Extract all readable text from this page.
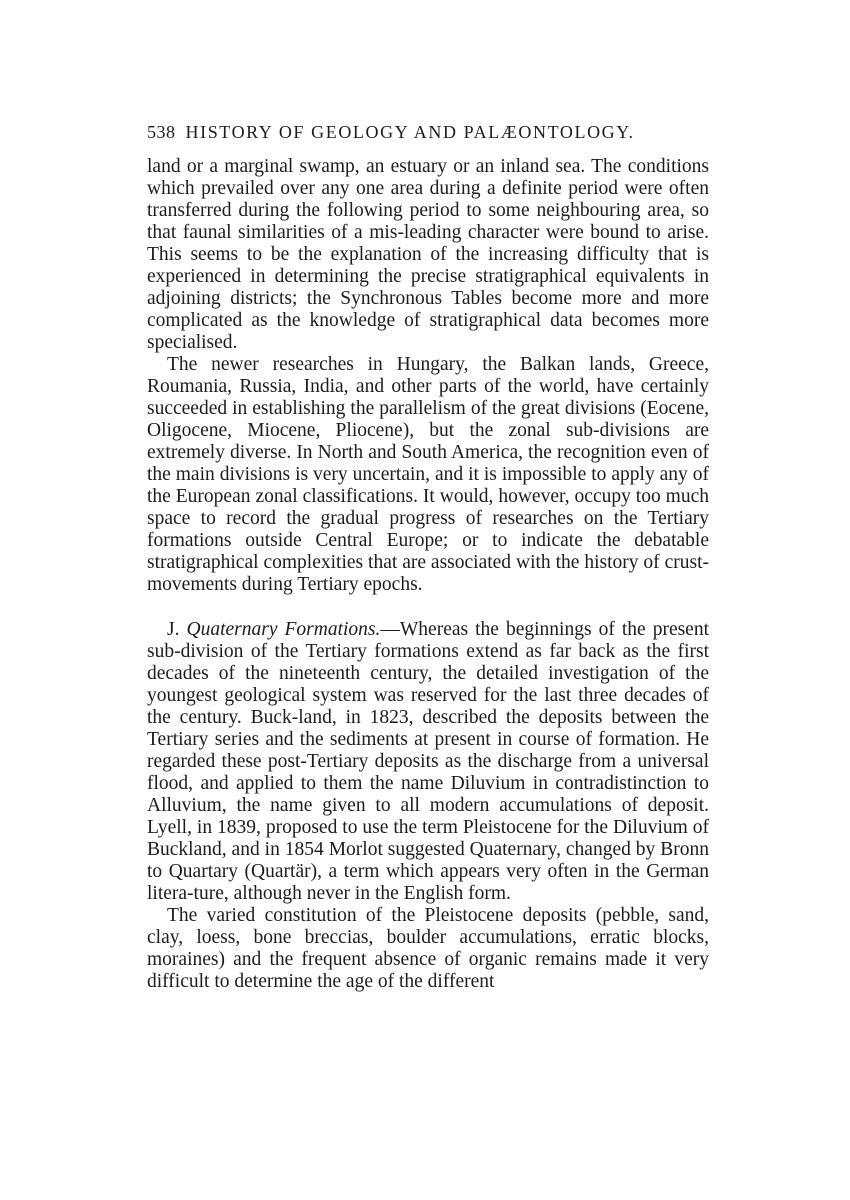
538 HISTORY OF GEOLOGY AND PALÆONTOLOGY.

land or a marginal swamp, an estuary or an inland sea. The conditions which prevailed over any one area during a definite period were often transferred during the following period to some neighbouring area, so that faunal similarities of a mis-leading character were bound to arise. This seems to be the explanation of the increasing difficulty that is experienced in determining the precise stratigraphical equivalents in adjoining districts; the Synchronous Tables become more and more complicated as the knowledge of stratigraphical data becomes more specialised.

The newer researches in Hungary, the Balkan lands, Greece, Roumania, Russia, India, and other parts of the world, have certainly succeeded in establishing the parallelism of the great divisions (Eocene, Oligocene, Miocene, Pliocene), but the zonal sub-divisions are extremely diverse. In North and South America, the recognition even of the main divisions is very uncertain, and it is impossible to apply any of the European zonal classifications. It would, however, occupy too much space to record the gradual progress of researches on the Tertiary formations outside Central Europe; or to indicate the debatable stratigraphical complexities that are associated with the history of crust-movements during Tertiary epochs.

J. Quaternary Formations.—Whereas the beginnings of the present sub-division of the Tertiary formations extend as far back as the first decades of the nineteenth century, the detailed investigation of the youngest geological system was reserved for the last three decades of the century. Buck-land, in 1823, described the deposits between the Tertiary series and the sediments at present in course of formation. He regarded these post-Tertiary deposits as the discharge from a universal flood, and applied to them the name Diluvium in contradistinction to Alluvium, the name given to all modern accumulations of deposit. Lyell, in 1839, proposed to use the term Pleistocene for the Diluvium of Buckland, and in 1854 Morlot suggested Quaternary, changed by Bronn to Quartary (Quartär), a term which appears very often in the German litera-ture, although never in the English form.

The varied constitution of the Pleistocene deposits (pebble, sand, clay, loess, bone breccias, boulder accumulations, erratic blocks, moraines) and the frequent absence of organic remains made it very difficult to determine the age of the different
